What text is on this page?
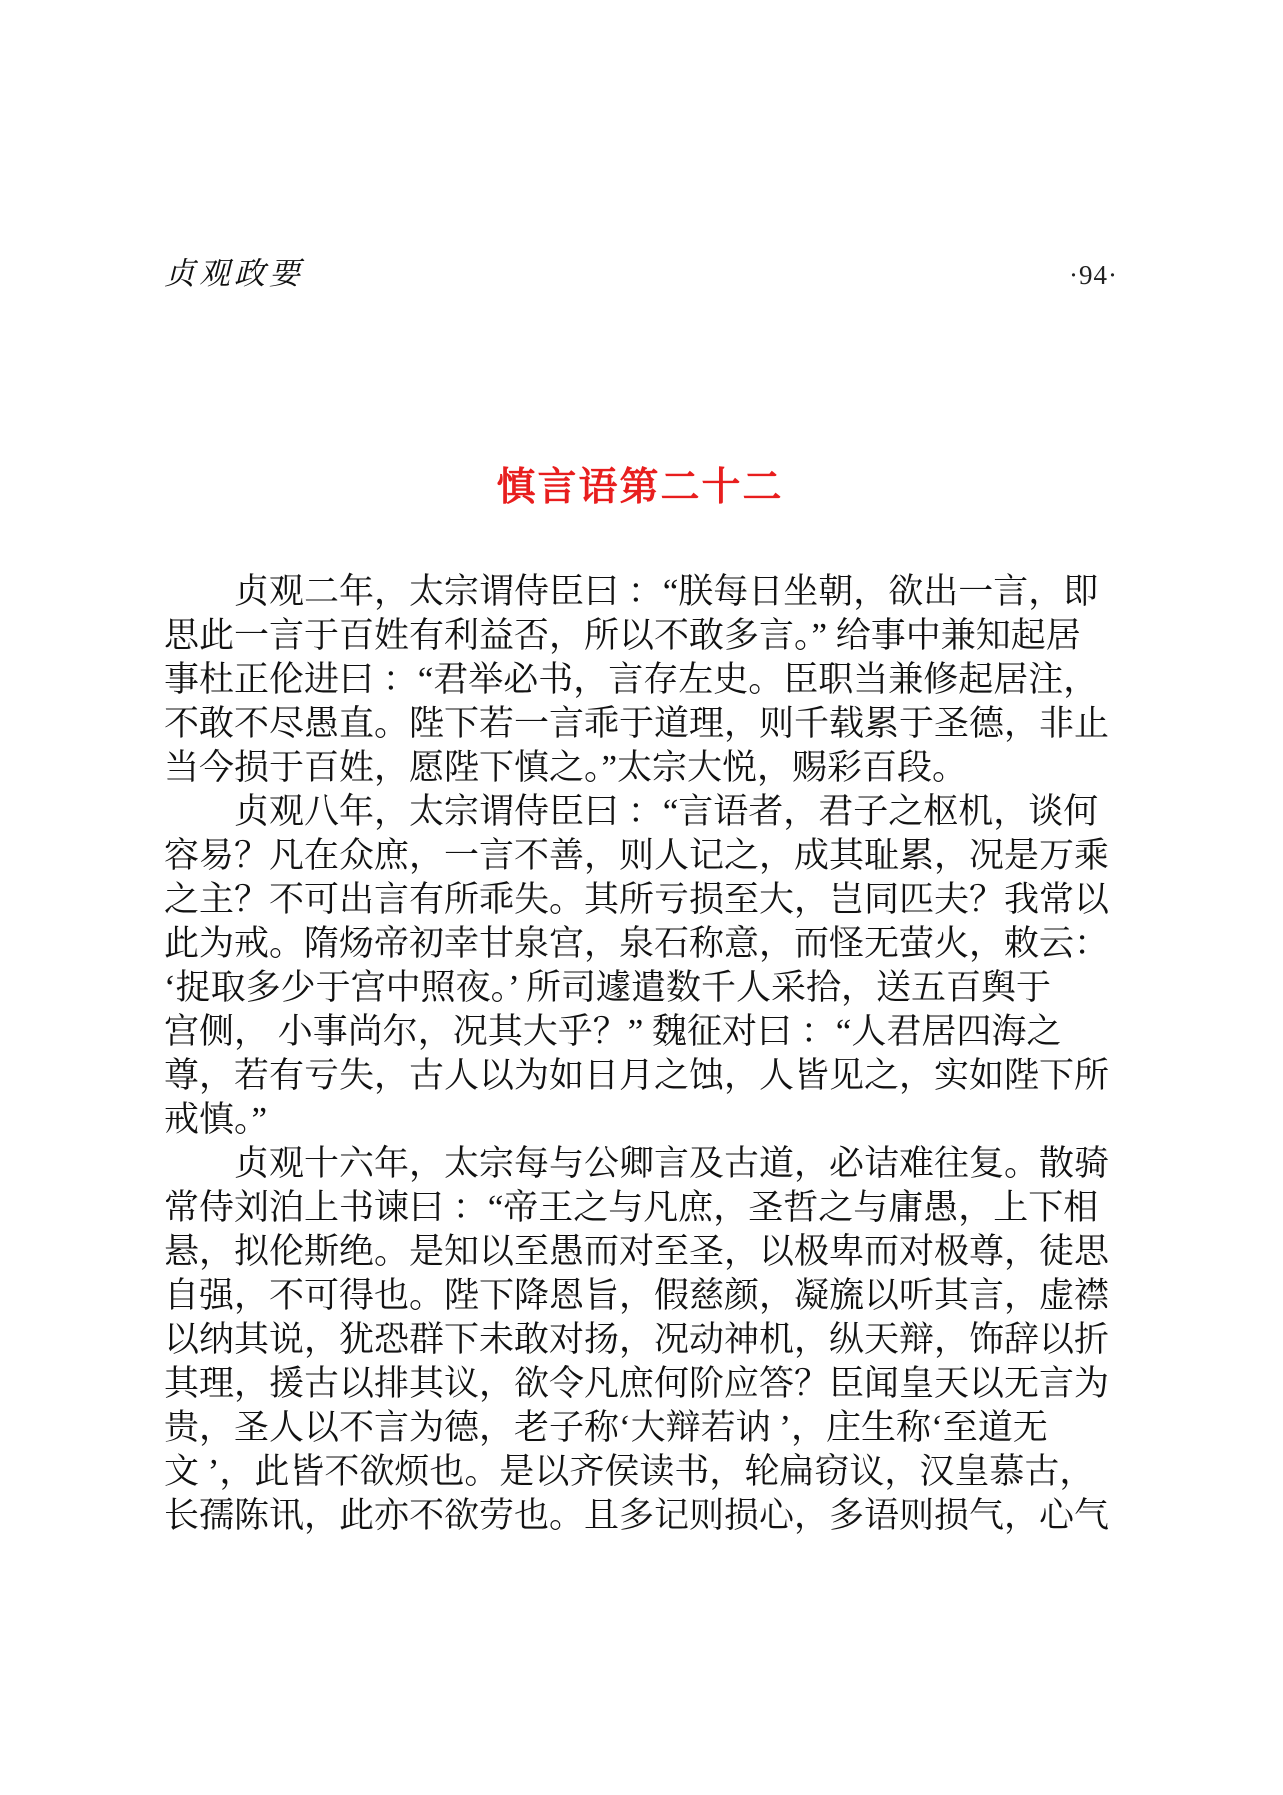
贞观政要	·94·
慎言语第二十二
贞观二年，太宗谓侍臣曰 ：“朕每日坐朝，欲出一言，即
思此一言于百姓有利益否，所以不敢多言。” 给事中兼知起居
事杜正伦进曰 ：“君举必书，言存左史。臣职当兼修起居注，
不敢不尽愚直。陛下若一言乖于道理，则千载累于圣德，非止
当今损于百姓，愿陛下慎之。”太宗大悦，赐彩百段。
贞观八年，太宗谓侍臣曰 ：“言语者，君子之枢机，谈何
容易？凡在众庶，一言不善，则人记之，成其耻累，况是万乘
之主？不可出言有所乖失。其所亏损至大，岂同匹夫？我常以
此为戒。隋炀帝初幸甘泉宫，泉石称意，而怪无萤火，敕云：
‘捉取多少于宫中照夜。’ 所司遽遣数千人采拾，送五百舆于
宫侧， 小事尚尔，况其大乎？” 魏征对曰 ：“人君居四海之
尊，若有亏失，古人以为如日月之蚀，人皆见之，实如陛下所
戒慎。”
贞观十六年，太宗每与公卿言及古道，必诘难往复。散骑
常侍刘泊上书谏曰 ：“帝王之与凡庶，圣哲之与庸愚，上下相
悬，拟伦斯绝。是知以至愚而对至圣，以极卑而对极尊，徒思
自强，不可得也。陛下降恩旨，假慈颜，凝旒以听其言，虚襟
以纳其说，犹恐群下未敢对扬，况动神机，纵天辩，饰辞以折
其理，援古以排其议，欲令凡庶何阶应答？臣闻皇天以无言为
贵，圣人以不言为德，老子称‘大辩若讷 ’，庄生称‘至道无
文 ’，此皆不欲烦也。是以齐侯读书，轮扁窃议，汉皇慕古，
长孺陈讯，此亦不欲劳也。且多记则损心，多语则损气，心气
